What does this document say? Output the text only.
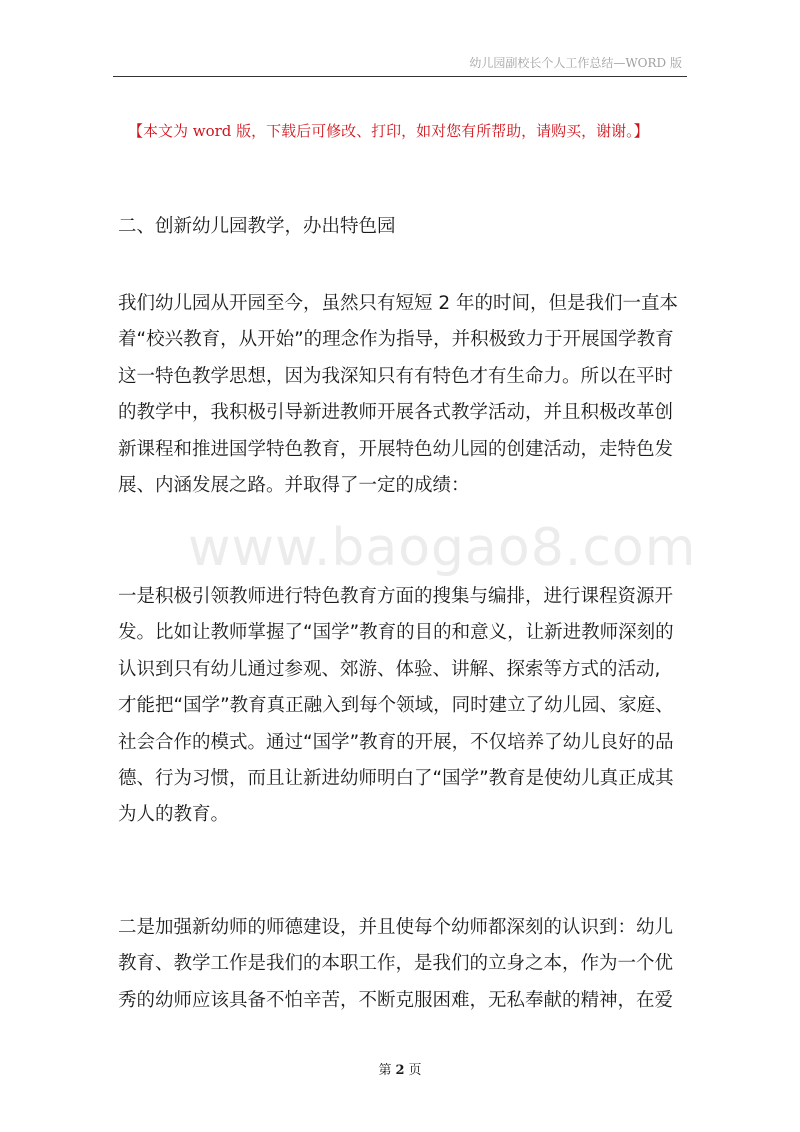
幼儿园副校长个人工作总结—WORD 版
【本文为 word 版，下载后可修改、打印，如对您有所帮助，请购买，谢谢。】
二、创新幼儿园教学，办出特色园
我们幼儿园从开园至今，虽然只有短短 2 年的时间，但是我们一直本
着“校兴教育，从开始”的理念作为指导，并积极致力于开展国学教育
这一特色教学思想，因为我深知只有有特色才有生命力。所以在平时
的教学中，我积极引导新进教师开展各式教学活动，并且积极改革创
新课程和推进国学特色教育，开展特色幼儿园的创建活动，走特色发
展、内涵发展之路。并取得了一定的成绩：
www.baogao8.com
一是积极引领教师进行特色教育方面的搜集与编排，进行课程资源开
发。比如让教师掌握了“国学”教育的目的和意义，让新进教师深刻的
认识到只有幼儿通过参观、郊游、体验、讲解、探索等方式的活动,
才能把“国学”教育真正融入到每个领域，同时建立了幼儿园、家庭、
社会合作的模式。通过“国学”教育的开展，不仅培养了幼儿良好的品
德、行为习惯，而且让新进幼师明白了“国学”教育是使幼儿真正成其
为人的教育。
二是加强新幼师的师德建设，并且使每个幼师都深刻的认识到：幼儿
教育、教学工作是我们的本职工作，是我们的立身之本，作为一个优
秀的幼师应该具备不怕辛苦，不断克服困难，无私奉献的精神，在爱
第 2 页
